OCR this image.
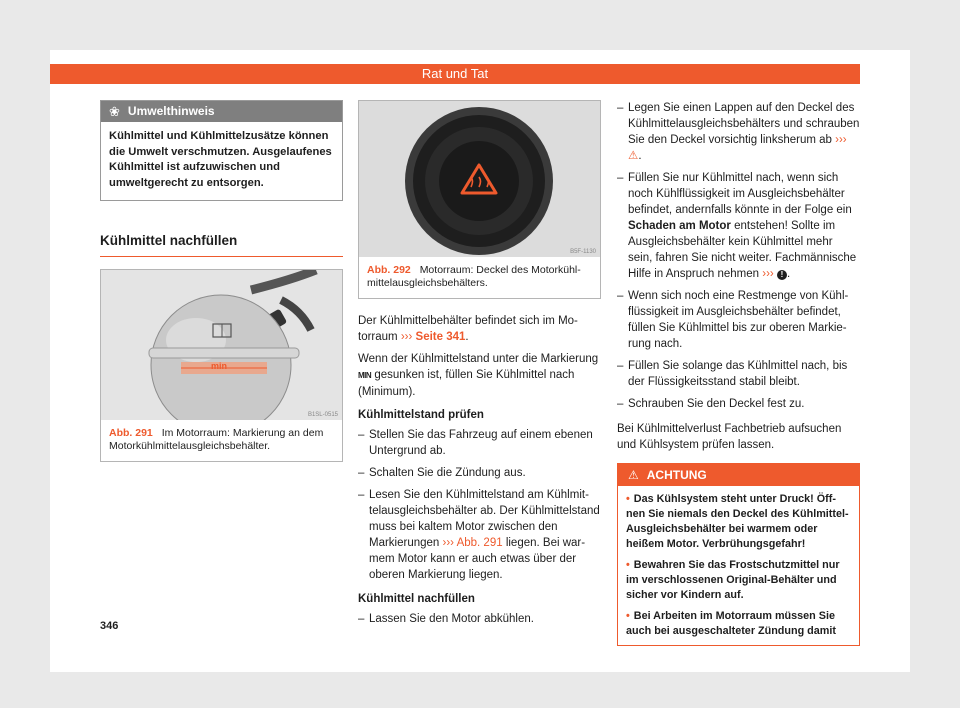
Rat und Tat
❀ Umwelthinweis
Kühlmittel und Kühlmittelzusätze können die Umwelt verschmutzen. Ausgelaufenes Kühlmittel ist aufzuwischen und umweltgerecht zu entsorgen.
Kühlmittel nachfüllen
min
B1SL-0515
Abb. 291 Im Motorraum: Markierung an dem Motorkühlmittelausgleichsbehälter.
B5F-1130
Abb. 292 Motorraum: Deckel des Motorkühlmittelausgleichsbehälters.

Der Kühlmittelbehälter befindet sich im Motorraum ››› Seite 341.

Wenn der Kühlmittelstand unter die Markierung MIN gesunken ist, füllen Sie Kühlmittel nach (Minimum).

Kühlmittelstand prüfen
– Stellen Sie das Fahrzeug auf einem ebenen Untergrund ab.
– Schalten Sie die Zündung aus.
– Lesen Sie den Kühlmittelstand am Kühlmittelausgleichsbehälter ab. Der Kühlmittelstand muss bei kaltem Motor zwischen den Markierungen ››› Abb. 291 liegen. Bei warmem Motor kann er auch etwas über der oberen Markierung liegen.
Kühlmittel nachfüllen
– Lassen Sie den Motor abkühlen.
– Legen Sie einen Lappen auf den Deckel des Kühlmittelausgleichsbehälters und schrauben Sie den Deckel vorsichtig linksherum ab ››› ⚠.
– Füllen Sie nur Kühlmittel nach, wenn sich noch Kühlflüssigkeit im Ausgleichsbehälter befindet, andernfalls könnte in der Folge ein Schaden am Motor entstehen! Sollte im Ausgleichsbehälter kein Kühlmittel mehr sein, fahren Sie nicht weiter. Fachmännische Hilfe in Anspruch nehmen ››› ! .
– Wenn sich noch eine Restmenge von Kühlflüssigkeit im Ausgleichsbehälter befindet, füllen Sie Kühlmittel bis zur oberen Markierung nach.
– Füllen Sie solange das Kühlmittel nach, bis der Flüssigkeitsstand stabil bleibt.
– Schrauben Sie den Deckel fest zu.

Bei Kühlmittelverlust Fachbetrieb aufsuchen und Kühlsystem prüfen lassen.

⚠ ACHTUNG
• Das Kühlsystem steht unter Druck! Öffnen Sie niemals den Deckel des Kühlmittel-Ausgleichsbehälter bei warmem oder heißem Motor. Verbrühungsgefahr!
• Bewahren Sie das Frostschutzmittel nur im verschlossenen Original-Behälter und sicher vor Kindern auf.
• Bei Arbeiten im Motorraum müssen Sie auch bei ausgeschalteter Zündung damit
346
